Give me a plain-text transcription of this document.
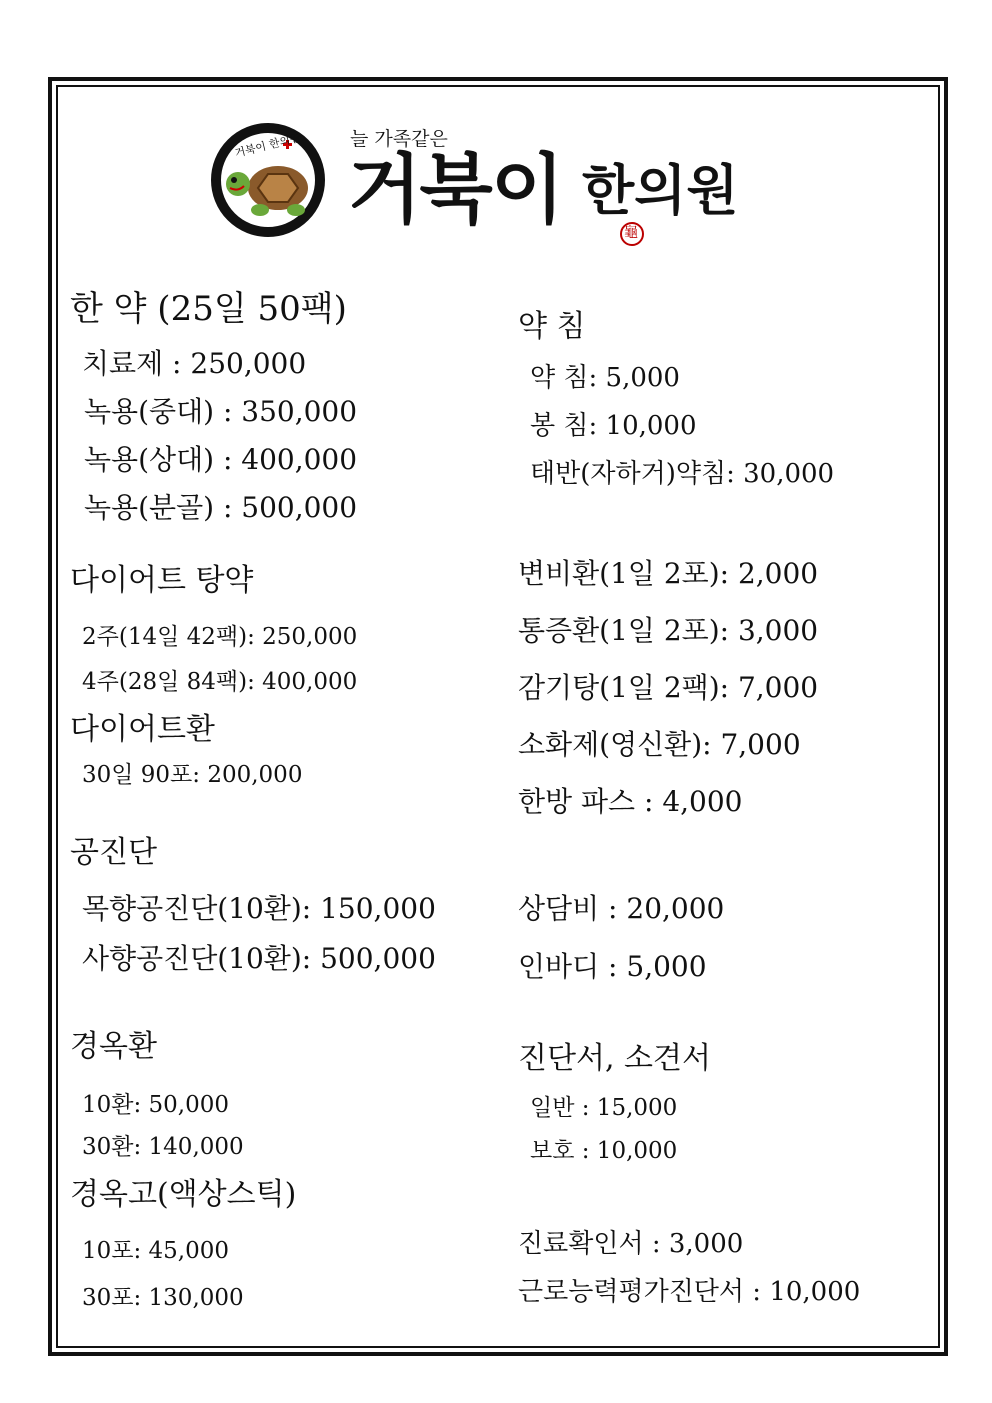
거북이 한의원	늘 가족같은
거북이 한의원
龜
한 약 (25일 50팩)
치료제 : 250,000
녹용(중대) : 350,000
녹용(상대) : 400,000
녹용(분골) : 500,000
다이어트 탕약
2주(14일 42팩): 250,000
4주(28일 84팩): 400,000
다이어트환
30일 90포: 200,000
공진단
목향공진단(10환): 150,000
사향공진단(10환): 500,000
경옥환
10환: 50,000
30환: 140,000
경옥고(액상스틱)
10포: 45,000
30포: 130,000
약 침
약 침: 5,000
봉 침: 10,000
태반(자하거)약침: 30,000
변비환(1일 2포): 2,000
통증환(1일 2포): 3,000
감기탕(1일 2팩): 7,000
소화제(영신환): 7,000
한방 파스 : 4,000
상담비 : 20,000
인바디 : 5,000
진단서, 소견서
일반 : 15,000
보호 : 10,000
진료확인서 : 3,000
근로능력평가진단서 : 10,000
